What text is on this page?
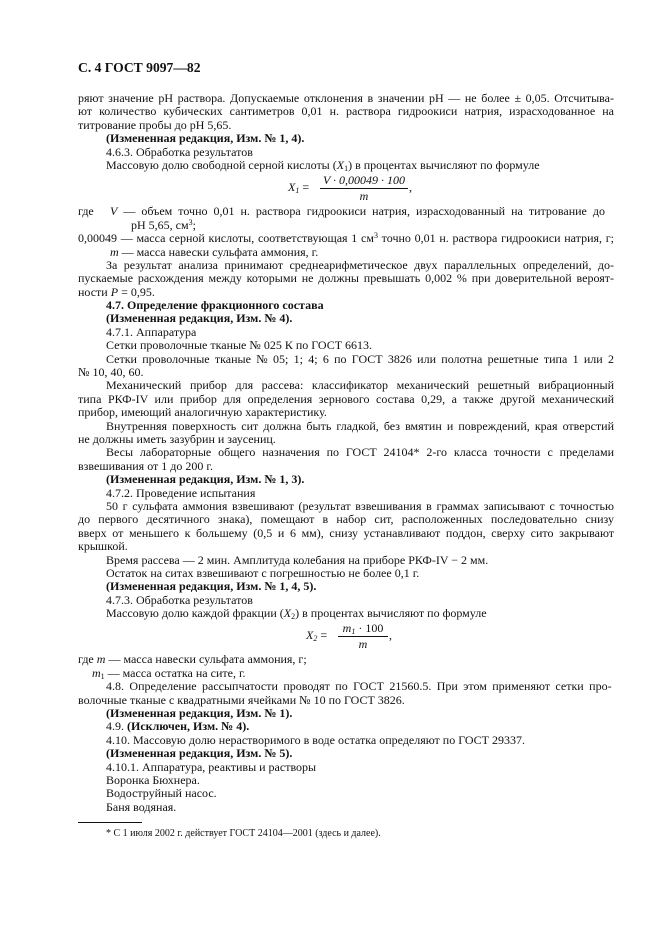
С. 4 ГОСТ 9097—82
ряют значение pH раствора. Допускаемые отклонения в значении pH — не более ± 0,05. Отсчитыва-
ют количество кубических сантиметров 0,01 н. раствора гидроокиси натрия, израсходованное на
титрование пробы до pH 5,65.
(Измененная редакция, Изм. № 1, 4).
4.6.3. Обработка результатов
Массовую долю свободной серной кислоты $(X_1)$ в процентах вычисляют по формуле
$X_1 = V \cdot 0,00049 \cdot 100$
m
,
где V — объем точно 0,01 н. раствора гидроокиси натрия, израсходованный на титрование до
pH 5,65, $см^3$;
0,00049 — масса серной кислоты, соответствующая 1 $см^3$ точно 0,01 н. раствора гидроокиси натрия, г;
m — масса навески сульфата аммония, г.
За результат анализа принимают среднеарифметическое двух параллельных определений, до-
пускаемые расхождения между которыми не должны превышать 0,002 % при доверительной вероят-
ности P = 0,95.
4.7. Определение фракционного состава
(Измененная редакция, Изм. № 4).
4.7.1. Аппаратура
Сетки проволочные тканые № 025 К по ГОСТ 6613.
Сетки проволочные тканые № 05; 1; 4; 6 по ГОСТ 3826 или полотна решетные типа 1 или 2
№ 10, 40, 60.
Механический прибор для рассева: классификатор механический решетный вибрационный
типа РКФ-IV или прибор для определения зернового состава 0,29, а также другой механический
прибор, имеющий аналогичную характеристику.
Внутренняя поверхность сит должна быть гладкой, без вмятин и повреждений, края отверстий
не должны иметь зазубрин и заусениц.
Весы лабораторные общего назначения по ГОСТ 24104* 2-го класса точности с пределами
взвешивания от 1 до 200 г.
(Измененная редакция, Изм. № 1, 3).
4.7.2. Проведение испытания
50 г сульфата аммония взвешивают (результат взвешивания в граммах записывают с точностью
до первого десятичного знака), помещают в набор сит, расположенных последовательно снизу
вверх от меньшего к большему (0,5 и 6 мм), снизу устанавливают поддон, сверху сито закрывают
крышкой.
Время рассева — 2 мин. Амплитуда колебания на приборе РКФ-IV − 2 мм.
Остаток на ситах взвешивают с погрешностью не более 0,1 г.
(Измененная редакция, Изм. № 1, 4, 5).
4.7.3. Обработка результатов
Массовую долю каждой фракции $(X_2)$ в процентах вычисляют по формуле
$X_2$ =	$m_1 \cdot 100$
m
,
где m — масса навески сульфата аммония, г;
$m_1$ — масса остатка на сите, г.
4.8. Определение рассыпчатости проводят по ГОСТ 21560.5. При этом применяют сетки про-
волочные тканые с квадратными ячейками № 10 по ГОСТ 3826.
(Измененная редакция, Изм. № 1).
4.9. (Исключен, Изм. № 4).
4.10. Массовую долю нерастворимого в воде остатка определяют по ГОСТ 29337.
(Измененная редакция, Изм. № 5).
4.10.1. Аппаратура, реактивы и растворы
Воронка Бюхнера.
Водоструйный насос.
Баня водяная.
* С 1 июля 2002 г. действует ГОСТ 24104—2001 (здесь и далее).
